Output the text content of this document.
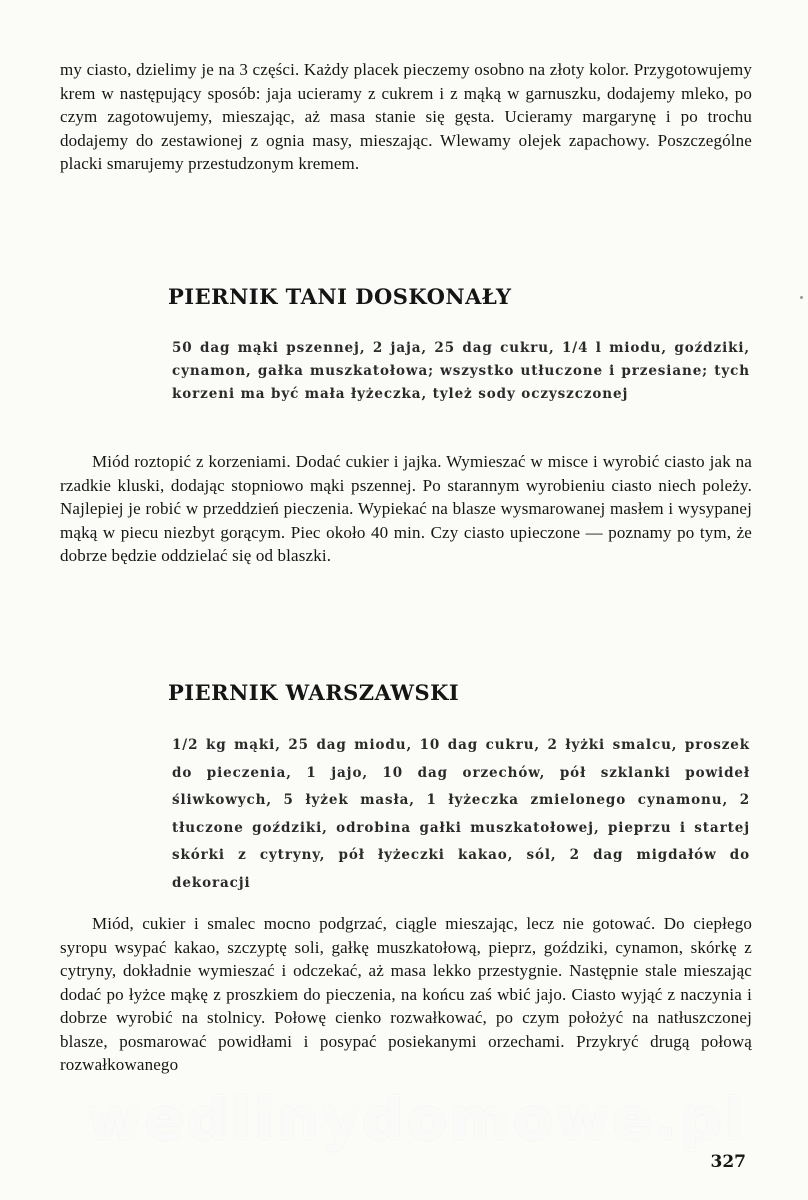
my ciasto, dzielimy je na 3 części. Każdy placek pieczemy osobno na złoty kolor. Przygotowujemy krem w następujący sposób: jaja ucieramy z cukrem i z mąką w garnuszku, dodajemy mleko, po czym zagotowujemy, mieszając, aż masa stanie się gęsta. Ucieramy margarynę i po trochu dodajemy do zestawionej z ognia masy, mieszając. Wlewamy olejek zapachowy. Poszczególne placki smarujemy przestudzonym kremem.

PIERNIK TANI DOSKONAŁY

50 dag mąki pszennej, 2 jaja, 25 dag cukru, 1/4 l miodu, goździki, cynamon, gałka muszkatołowa; wszystko utłuczone i przesiane; tych korzeni ma być mała łyżeczka, tyleż sody oczyszczonej

Miód roztopić z korzeniami. Dodać cukier i jajka. Wymieszać w misce i wyrobić ciasto jak na rzadkie kluski, dodając stopniowo mąki pszennej. Po starannym wyrobieniu ciasto niech poleży. Najlepiej je robić w przeddzień pieczenia. Wypiekać na blasze wysmarowanej masłem i wysypanej mąką w piecu niezbyt gorącym. Piec około 40 min. Czy ciasto upieczone — poznamy po tym, że dobrze będzie oddzielać się od blaszki.

PIERNIK WARSZAWSKI

1/2 kg mąki, 25 dag miodu, 10 dag cukru, 2 łyżki smalcu, proszek do pieczenia, 1 jajo, 10 dag orzechów, pół szklanki powideł śliwkowych, 5 łyżek masła, 1 łyżeczka zmielonego cynamonu, 2 tłuczone goździki, odrobina gałki muszkatołowej, pieprzu i startej skórki z cytryny, pół łyżeczki kakao, sól, 2 dag migdałów do dekoracji

Miód, cukier i smalec mocno podgrzać, ciągle mieszając, lecz nie gotować. Do ciepłego syropu wsypać kakao, szczyptę soli, gałkę muszkatołową, pieprz, goździki, cynamon, skórkę z cytryny, dokładnie wymieszać i odczekać, aż masa lekko przestygnie. Następnie stale mieszając dodać po łyżce mąkę z proszkiem do pieczenia, na końcu zaś wbić jajo. Ciasto wyjąć z naczynia i dobrze wyrobić na stolnicy. Połowę cienko rozwałkować, po czym położyć na natłuszczonej blasze, posmarować powidłami i posypać posiekanymi orzechami. Przykryć drugą połową rozwałkowanego

wedlinydomowe.pl

327
